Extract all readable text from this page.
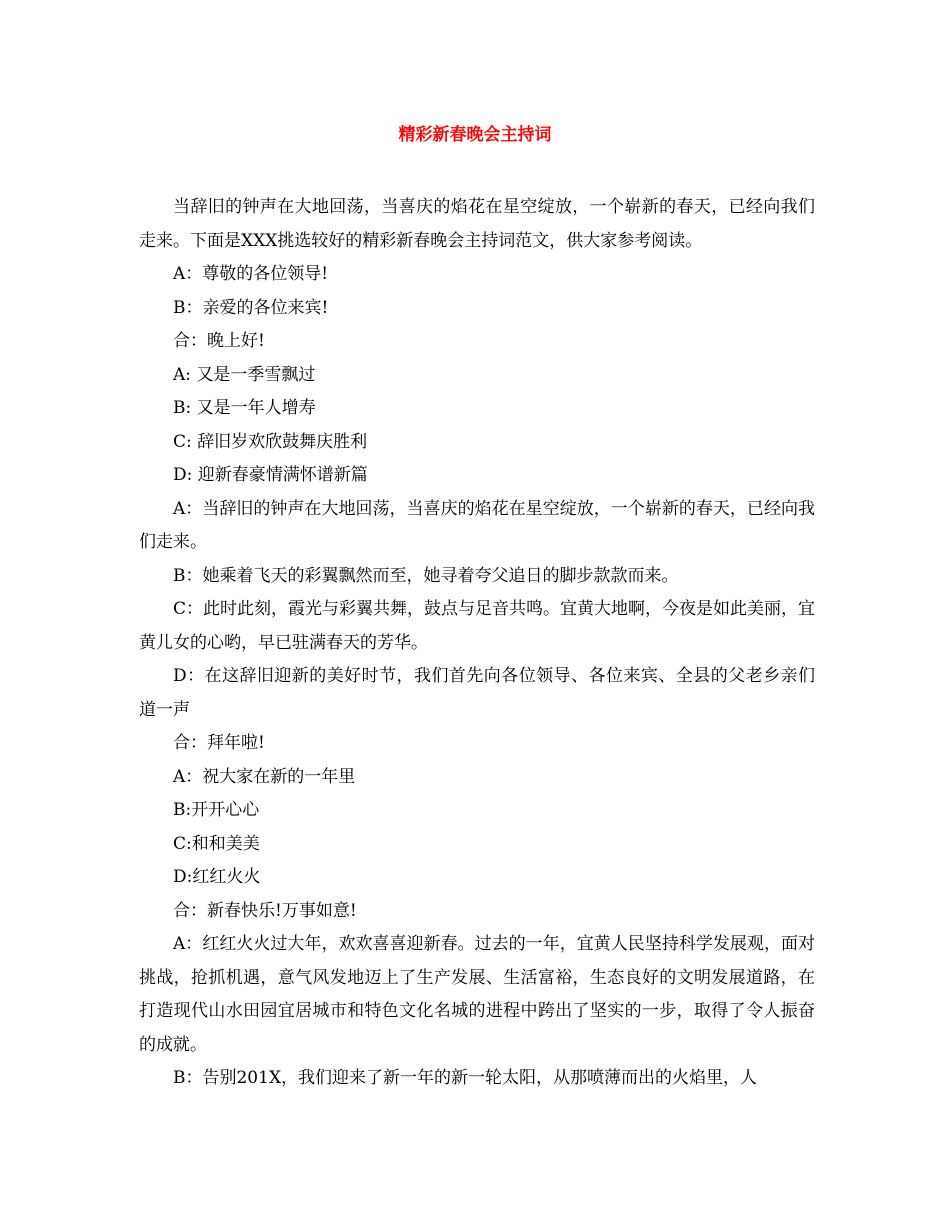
精彩新春晚会主持词

当辞旧的钟声在大地回荡，当喜庆的焰花在星空绽放，一个崭新的春天，已经向我们走来。下面是XXX挑选较好的精彩新春晚会主持词范文，供大家参考阅读。

A：尊敬的各位领导!

B：亲爱的各位来宾!

合：晚上好!

A: 又是一季雪飘过

B: 又是一年人增寿

C: 辞旧岁欢欣鼓舞庆胜利

D: 迎新春豪情满怀谱新篇

A：当辞旧的钟声在大地回荡，当喜庆的焰花在星空绽放，一个崭新的春天，已经向我们走来。

B：她乘着飞天的彩翼飘然而至，她寻着夸父追日的脚步款款而来。

C：此时此刻，霞光与彩翼共舞，鼓点与足音共鸣。宜黄大地啊，今夜是如此美丽，宜黄儿女的心哟，早已驻满春天的芳华。

D：在这辞旧迎新的美好时节，我们首先向各位领导、各位来宾、全县的父老乡亲们道一声

合：拜年啦!

A：祝大家在新的一年里

B:开开心心

C:和和美美

D:红红火火

合：新春快乐!万事如意!

A：红红火火过大年，欢欢喜喜迎新春。过去的一年，宜黄人民坚持科学发展观，面对挑战，抢抓机遇，意气风发地迈上了生产发展、生活富裕，生态良好的文明发展道路，在打造现代山水田园宜居城市和特色文化名城的进程中跨出了坚实的一步，取得了令人振奋的成就。

B：告别201X，我们迎来了新一年的新一轮太阳，从那喷薄而出的火焰里，人
